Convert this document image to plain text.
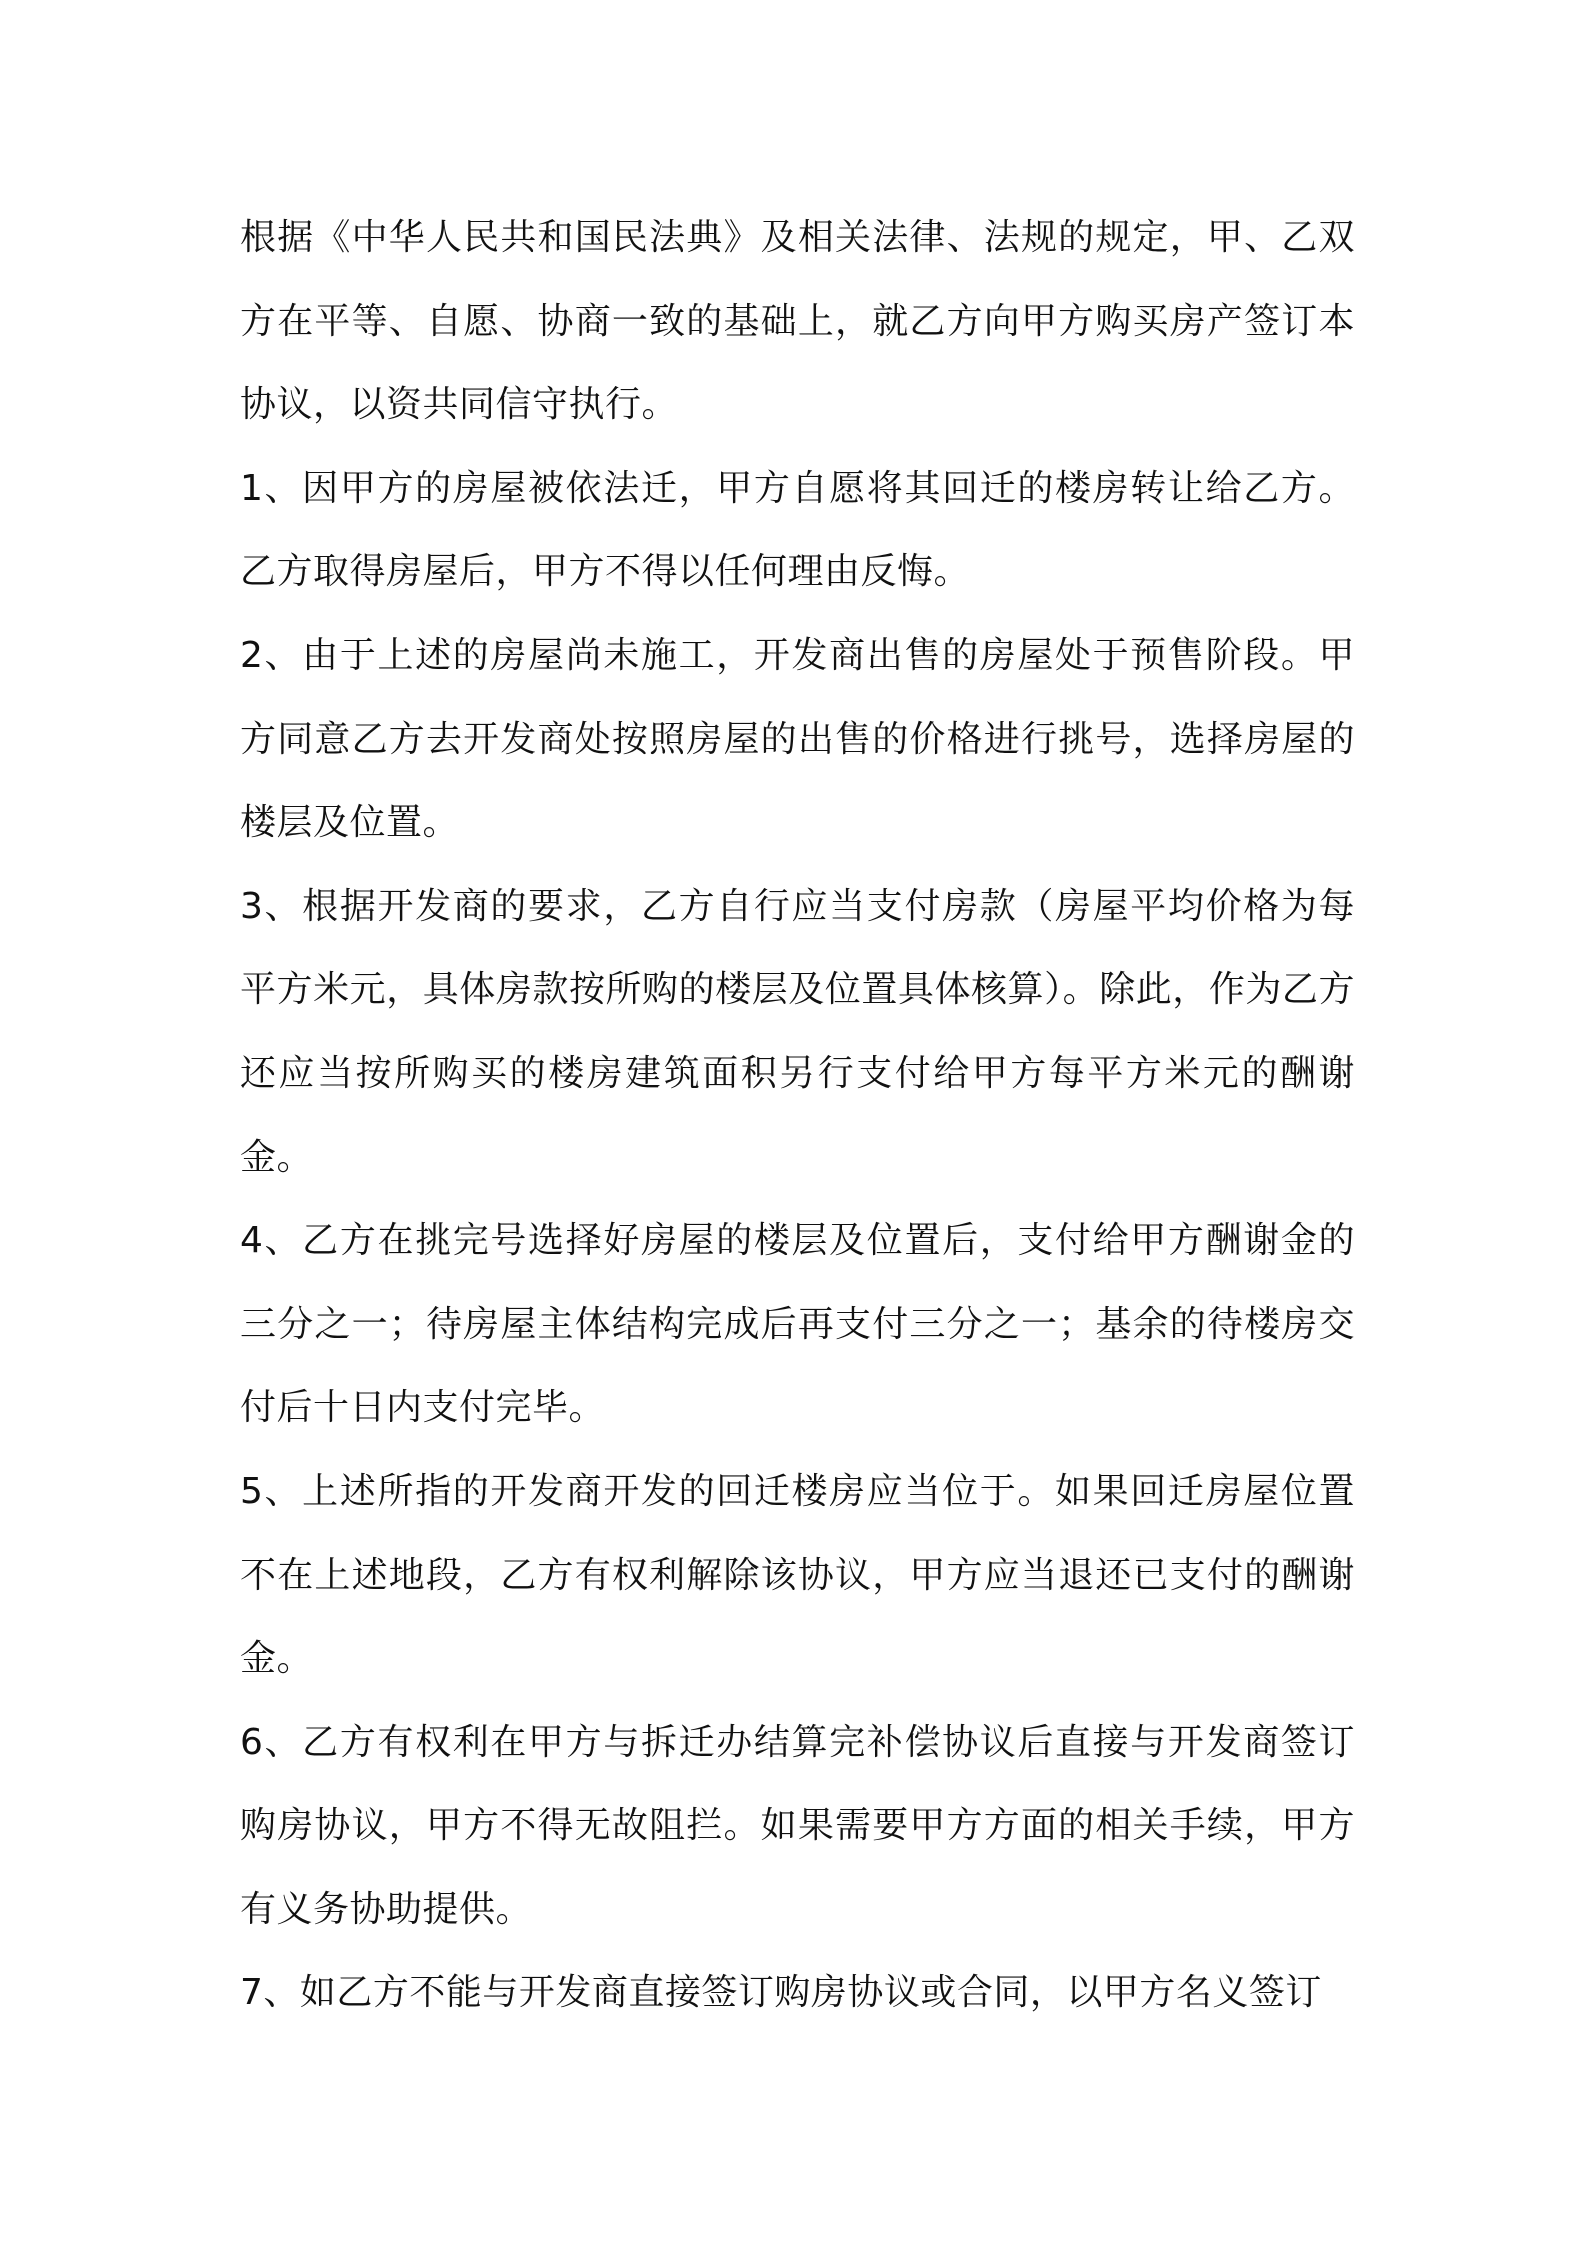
根据《中华人民共和国民法典》及相关法律、法规的规定，甲、乙双方在平等、自愿、协商一致的基础上，就乙方向甲方购买房产签订本协议，以资共同信守执行。

1、因甲方的房屋被依法迁，甲方自愿将其回迁的楼房转让给乙方。乙方取得房屋后，甲方不得以任何理由反悔。

2、由于上述的房屋尚未施工，开发商出售的房屋处于预售阶段。甲方同意乙方去开发商处按照房屋的出售的价格进行挑号，选择房屋的楼层及位置。

3、根据开发商的要求，乙方自行应当支付房款（房屋平均价格为每平方米元，具体房款按所购的楼层及位置具体核算）。除此，作为乙方还应当按所购买的楼房建筑面积另行支付给甲方每平方米元的酬谢金。

4、乙方在挑完号选择好房屋的楼层及位置后，支付给甲方酬谢金的三分之一；待房屋主体结构完成后再支付三分之一；基余的待楼房交付后十日内支付完毕。

5、上述所指的开发商开发的回迁楼房应当位于。如果回迁房屋位置不在上述地段，乙方有权利解除该协议，甲方应当退还已支付的酬谢金。

6、乙方有权利在甲方与拆迁办结算完补偿协议后直接与开发商签订购房协议，甲方不得无故阻拦。如果需要甲方方面的相关手续，甲方有义务协助提供。

7、如乙方不能与开发商直接签订购房协议或合同，以甲方名义签订
